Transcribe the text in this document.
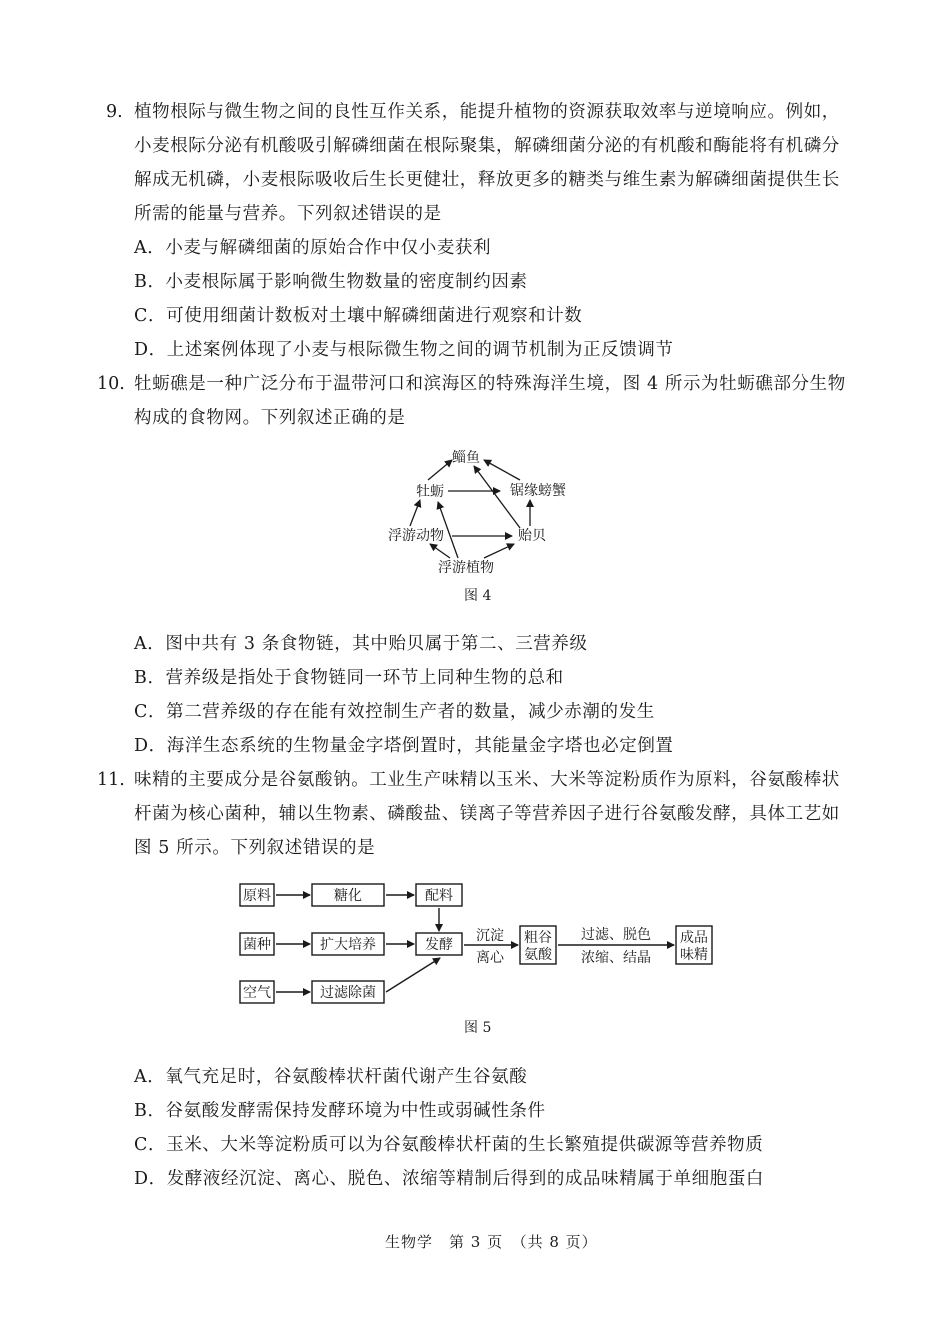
9. 植物根际与微生物之间的良性互作关系，能提升植物的资源获取效率与逆境响应。例如，
小麦根际分泌有机酸吸引解磷细菌在根际聚集，解磷细菌分泌的有机酸和酶能将有机磷分
解成无机磷，小麦根际吸收后生长更健壮，释放更多的糖类与维生素为解磷细菌提供生长
所需的能量与营养。下列叙述错误的是
A．小麦与解磷细菌的原始合作中仅小麦获利
B．小麦根际属于影响微生物数量的密度制约因素
C．可使用细菌计数板对土壤中解磷细菌进行观察和计数
D．上述案例体现了小麦与根际微生物之间的调节机制为正反馈调节
10. 牡蛎礁是一种广泛分布于温带河口和滨海区的特殊海洋生境，图 4 所示为牡蛎礁部分生物
构成的食物网。下列叙述正确的是
鲻鱼
牡蛎	锯缘螃蟹
浮游动物	贻贝
浮游植物
图 4
A．图中共有 3 条食物链，其中贻贝属于第二、三营养级
B．营养级是指处于食物链同一环节上同种生物的总和
C．第二营养级的存在能有效控制生产者的数量，减少赤潮的发生
D．海洋生态系统的生物量金字塔倒置时，其能量金字塔也必定倒置
11. 味精的主要成分是谷氨酸钠。工业生产味精以玉米、大米等淀粉质作为原料，谷氨酸棒状
杆菌为核心菌种，辅以生物素、磷酸盐、镁离子等营养因子进行谷氨酸发酵，具体工艺如
图 5 所示。下列叙述错误的是
原料	糖化	配料
菌种	扩大培养	发酵	粗谷
氨酸
成品
味精
空气	过滤除菌
沉淀
离心
过滤、脱色
浓缩、结晶
图 5
A．氧气充足时，谷氨酸棒状杆菌代谢产生谷氨酸
B．谷氨酸发酵需保持发酵环境为中性或弱碱性条件
C．玉米、大米等淀粉质可以为谷氨酸棒状杆菌的生长繁殖提供碳源等营养物质
D．发酵液经沉淀、离心、脱色、浓缩等精制后得到的成品味精属于单细胞蛋白
生物学　第 3 页　（共 8 页）
